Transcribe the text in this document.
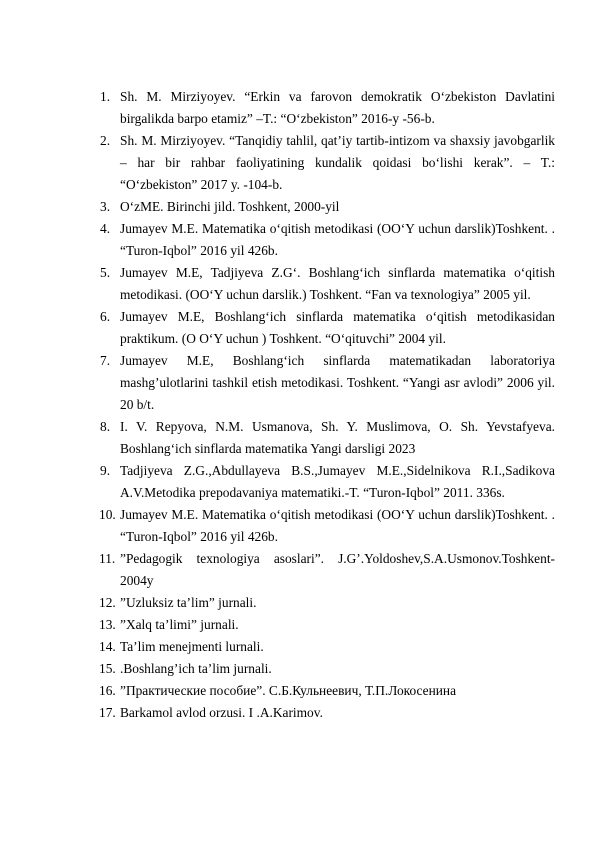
1. Sh. M. Mirziyoyev. “Erkin va farovon demokratik O‘zbekiston Davlatini birgalikda barpo etamiz” –T.: “O‘zbekiston” 2016-y -56-b.
2. Sh. M. Mirziyoyev. “Tanqidiy tahlil, qat’iy tartib-intizom va shaxsiy javobgarlik – har bir rahbar faoliyatining kundalik qoidasi bo‘lishi kerak”. – T.: “O‘zbekiston” 2017 y. -104-b.
3. O‘zME. Birinchi jild. Toshkent, 2000-yil
4. Jumayev M.E. Matematika o‘qitish metodikasi (OO‘Y uchun darslik)Toshkent. . “Turon-Iqbol” 2016 yil 426b.
5. Jumayev M.E, Tadjiyeva Z.G‘. Boshlang‘ich sinflarda matematika o‘qitish metodikasi. (OO‘Y uchun darslik.) Toshkent. “Fan va texnologiya” 2005 yil.
6. Jumayev M.E, Boshlang‘ich sinflarda matematika o‘qitish metodikasidan praktikum. (O O‘Y uchun ) Toshkent. “O‘qituvchi” 2004 yil.
7. Jumayev M.E, Boshlang‘ich sinflarda matematikadan laboratoriya mashg’ulotlarini tashkil etish metodikasi. Toshkent. “Yangi asr avlodi” 2006 yil. 20 b/t.
8. I. V. Repyova, N.M. Usmanova, Sh. Y. Muslimova, O. Sh. Yevstafyeva. Boshlang‘ich sinflarda matematika Yangi darsligi 2023
9. Tadjiyeva Z.G.,Abdullayeva B.S.,Jumayev M.E.,Sidelnikova R.I.,Sadikova A.V.Metodika prepodavaniya matematiki.-T. “Turon-Iqbol” 2011. 336s.
10. Jumayev M.E. Matematika o‘qitish metodikasi (OO‘Y uchun darslik)Toshkent. . “Turon-Iqbol” 2016 yil 426b.
11. ”Pedagogik texnologiya asoslari”. J.G’.Yoldoshev,S.A.Usmonov.Toshkent-2004y
12. ”Uzluksiz ta’lim” jurnali.
13. ”Xalq ta’limi” jurnali.
14. Ta’lim menejmenti lurnali.
15. .Boshlang’ich ta’lim jurnali.
16. ”Практические пособие”. С.Б.Кульнеевич, Т.П.Локосенина
17. Barkamol avlod orzusi. I .A.Karimov.
